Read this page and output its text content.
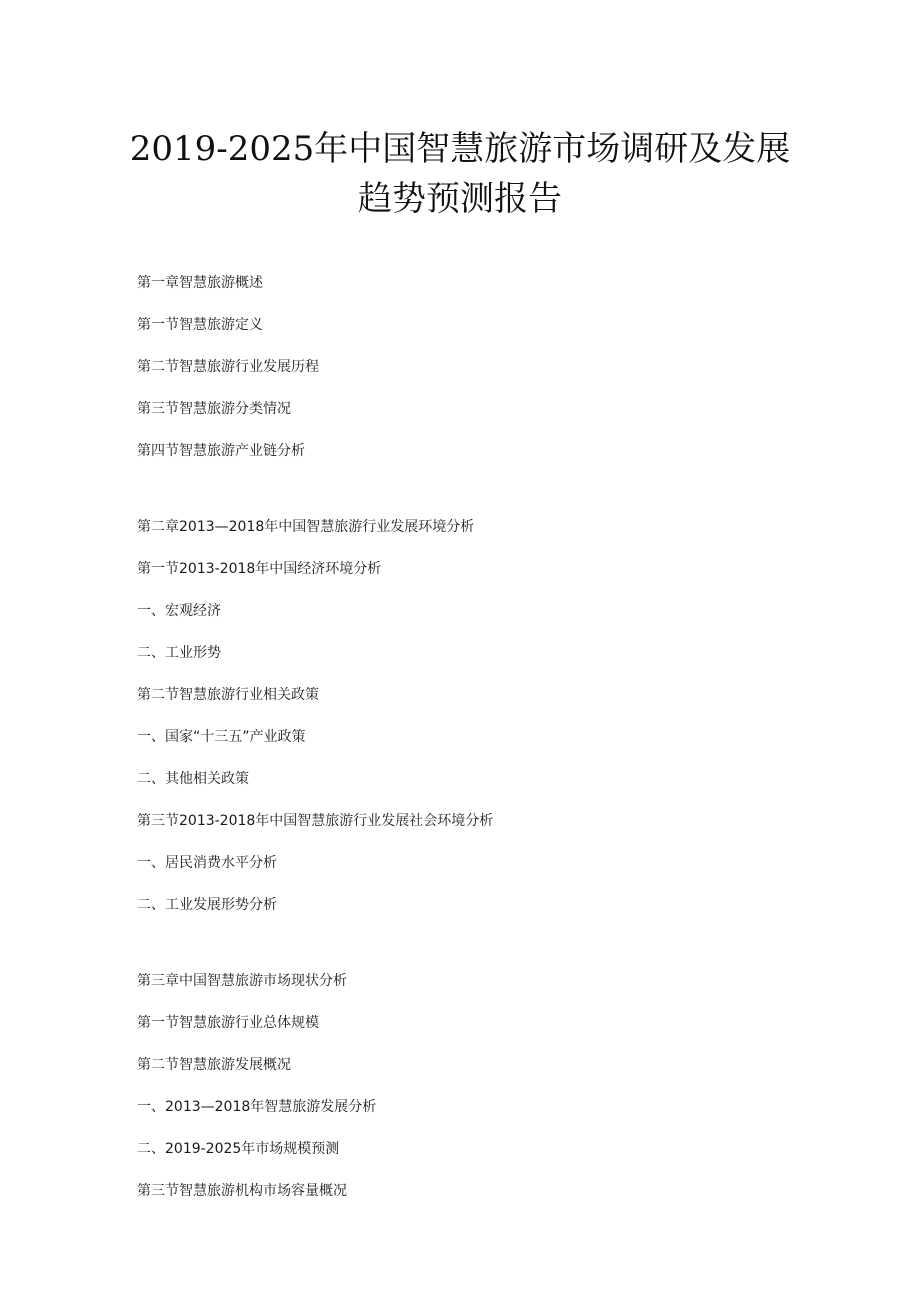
2019-2025年中国智慧旅游市场调研及发展
趋势预测报告
第一章智慧旅游概述
第一节智慧旅游定义
第二节智慧旅游行业发展历程
第三节智慧旅游分类情况
第四节智慧旅游产业链分析
第二章2013—2018年中国智慧旅游行业发展环境分析
第一节2013-2018年中国经济环境分析
一、宏观经济
二、工业形势
第二节智慧旅游行业相关政策
一、国家“十三五”产业政策
二、其他相关政策
第三节2013-2018年中国智慧旅游行业发展社会环境分析
一、居民消费水平分析
二、工业发展形势分析
第三章中国智慧旅游市场现状分析
第一节智慧旅游行业总体规模
第二节智慧旅游发展概况
一、2013—2018年智慧旅游发展分析
二、2019-2025年市场规模预测
第三节智慧旅游机构市场容量概况
